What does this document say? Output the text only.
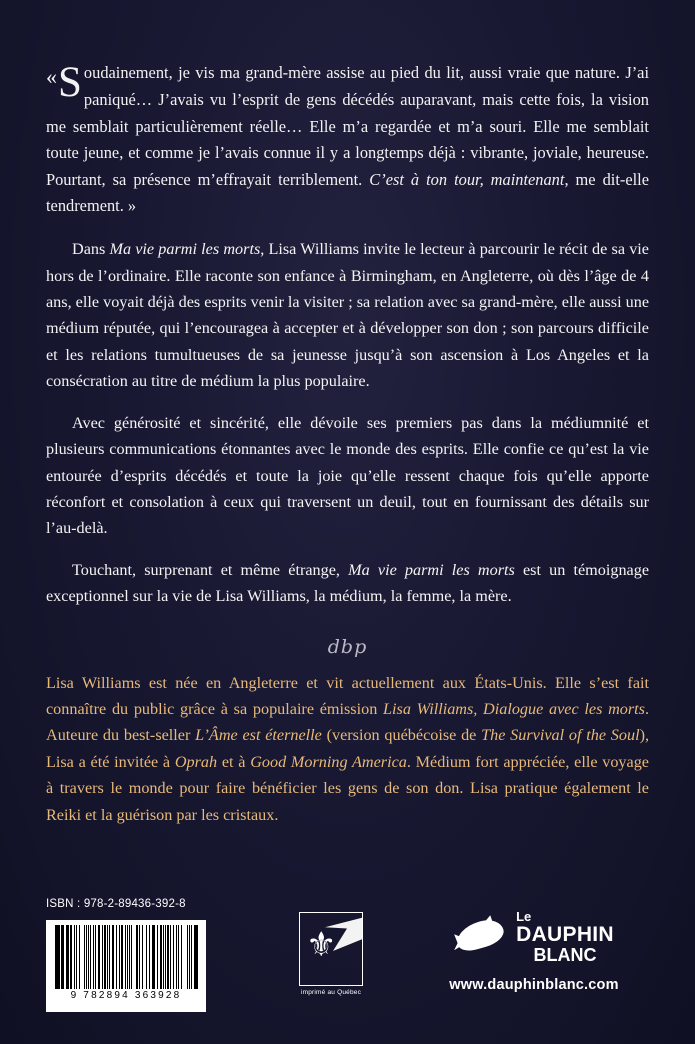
«S oudainement, je vis ma grand-mère assise au pied du lit, aussi vraie que nature. J’ai paniqué… J’avais vu l’esprit de gens décédés auparavant, mais cette fois, la vision me semblait particulièrement réelle… Elle m’a regardée et m’a souri. Elle me semblait toute jeune, et comme je l’avais connue il y a longtemps déjà : vibrante, joviale, heureuse. Pourtant, sa présence m’effrayait terriblement. C’est à ton tour, maintenant, me dit-elle tendrement. »

Dans Ma vie parmi les morts, Lisa Williams invite le lecteur à parcourir le récit de sa vie hors de l’ordinaire. Elle raconte son enfance à Birmingham, en Angleterre, où dès l’âge de 4 ans, elle voyait déjà des esprits venir la visiter ; sa relation avec sa grand-mère, elle aussi une médium réputée, qui l’encouragea à accepter et à développer son don ; son parcours difficile et les relations tumultueuses de sa jeunesse jusqu’à son ascension à Los Angeles et la consécration au titre de médium la plus populaire.

Avec générosité et sincérité, elle dévoile ses premiers pas dans la médiumnité et plusieurs communications étonnantes avec le monde des esprits. Elle confie ce qu’est la vie entourée d’esprits décédés et toute la joie qu’elle ressent chaque fois qu’elle apporte réconfort et consolation à ceux qui traversent un deuil, tout en fournissant des détails sur l’au-delà.

Touchant, surprenant et même étrange, Ma vie parmi les morts est un témoignage exceptionnel sur la vie de Lisa Williams, la médium, la femme, la mère.

dbp

Lisa Williams est née en Angleterre et vit actuellement aux États-Unis. Elle s’est fait connaître du public grâce à sa populaire émission Lisa Williams, Dialogue avec les morts. Auteure du best-seller L’Âme est éternelle (version québécoise de The Survival of the Soul), Lisa a été invitée à Oprah et à Good Morning America. Médium fort appréciée, elle voyage à travers le monde pour faire bénéficier les gens de son don. Lisa pratique également le Reiki et la guérison par les cristaux.

ISBN : 978-2-89436-392-8
9 782894 363928
⚜
imprimé au Québec
Le
DAUPHIN
BLANC
www.dauphinblanc.com
